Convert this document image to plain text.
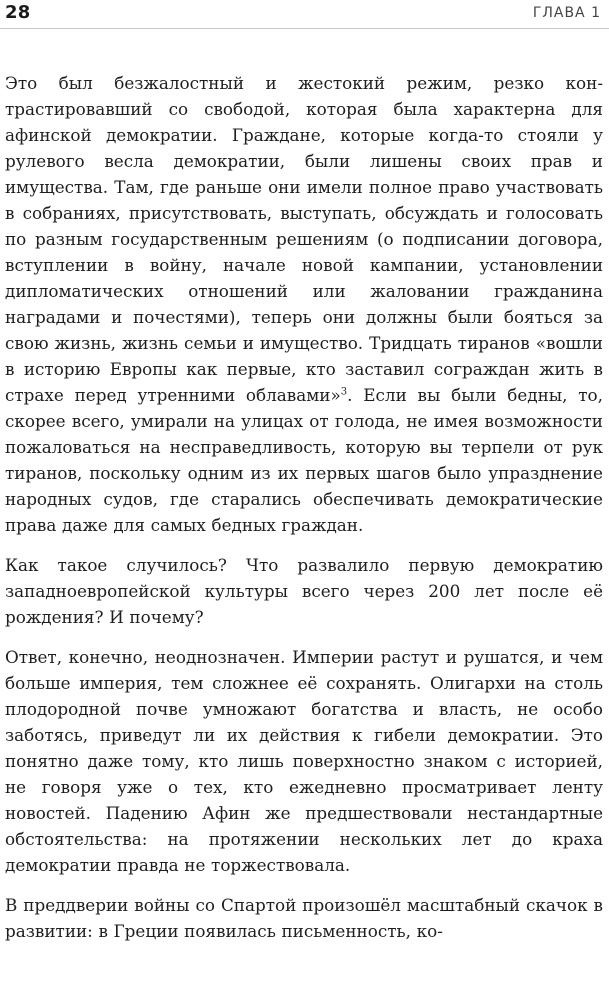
28	ГЛАВА 1

Это был безжалостный и жестокий режим, резко контрастировавший со свободой, которая была характерна для афинской демократии. Граждане, которые когда-то стояли у рулевого весла демократии, были лишены своих прав и имущества. Там, где раньше они имели полное право участвовать в собраниях, присутствовать, выступать, обсуждать и голосовать по разным государственным решениям (о подписании договора, вступлении в войну, начале новой кампании, установлении дипломатических отношений или жаловании гражданина наградами и почестями), теперь они должны были бояться за свою жизнь, жизнь семьи и имущество. Тридцать тиранов «вошли в историю Европы как первые, кто заставил сограждан жить в страхе перед утренними облавами»$^3$. Если вы были бедны, то, скорее всего, умирали на улицах от голода, не имея возможности пожаловаться на несправедливость, которую вы терпели от рук тиранов, поскольку одним из их первых шагов было упразднение народных судов, где старались обеспечивать демократические права даже для самых бедных граждан.

Как такое случилось? Что развалило первую демократию западноевропейской культуры всего через 200 лет после её рождения? И почему?

Ответ, конечно, неоднозначен. Империи растут и рушатся, и чем больше империя, тем сложнее её сохранять. Олигархи на столь плодородной почве умножают богатства и власть, не особо заботясь, приведут ли их действия к гибели демократии. Это понятно даже тому, кто лишь поверхностно знаком с историей, не говоря уже о тех, кто ежедневно просматривает ленту новостей. Падению Афин же предшествовали нестандартные обстоятельства: на протяжении нескольких лет до краха демократии правда не торжествовала.

В преддверии войны со Спартой произошёл масштабный скачок в развитии: в Греции появилась письменность, ко-
